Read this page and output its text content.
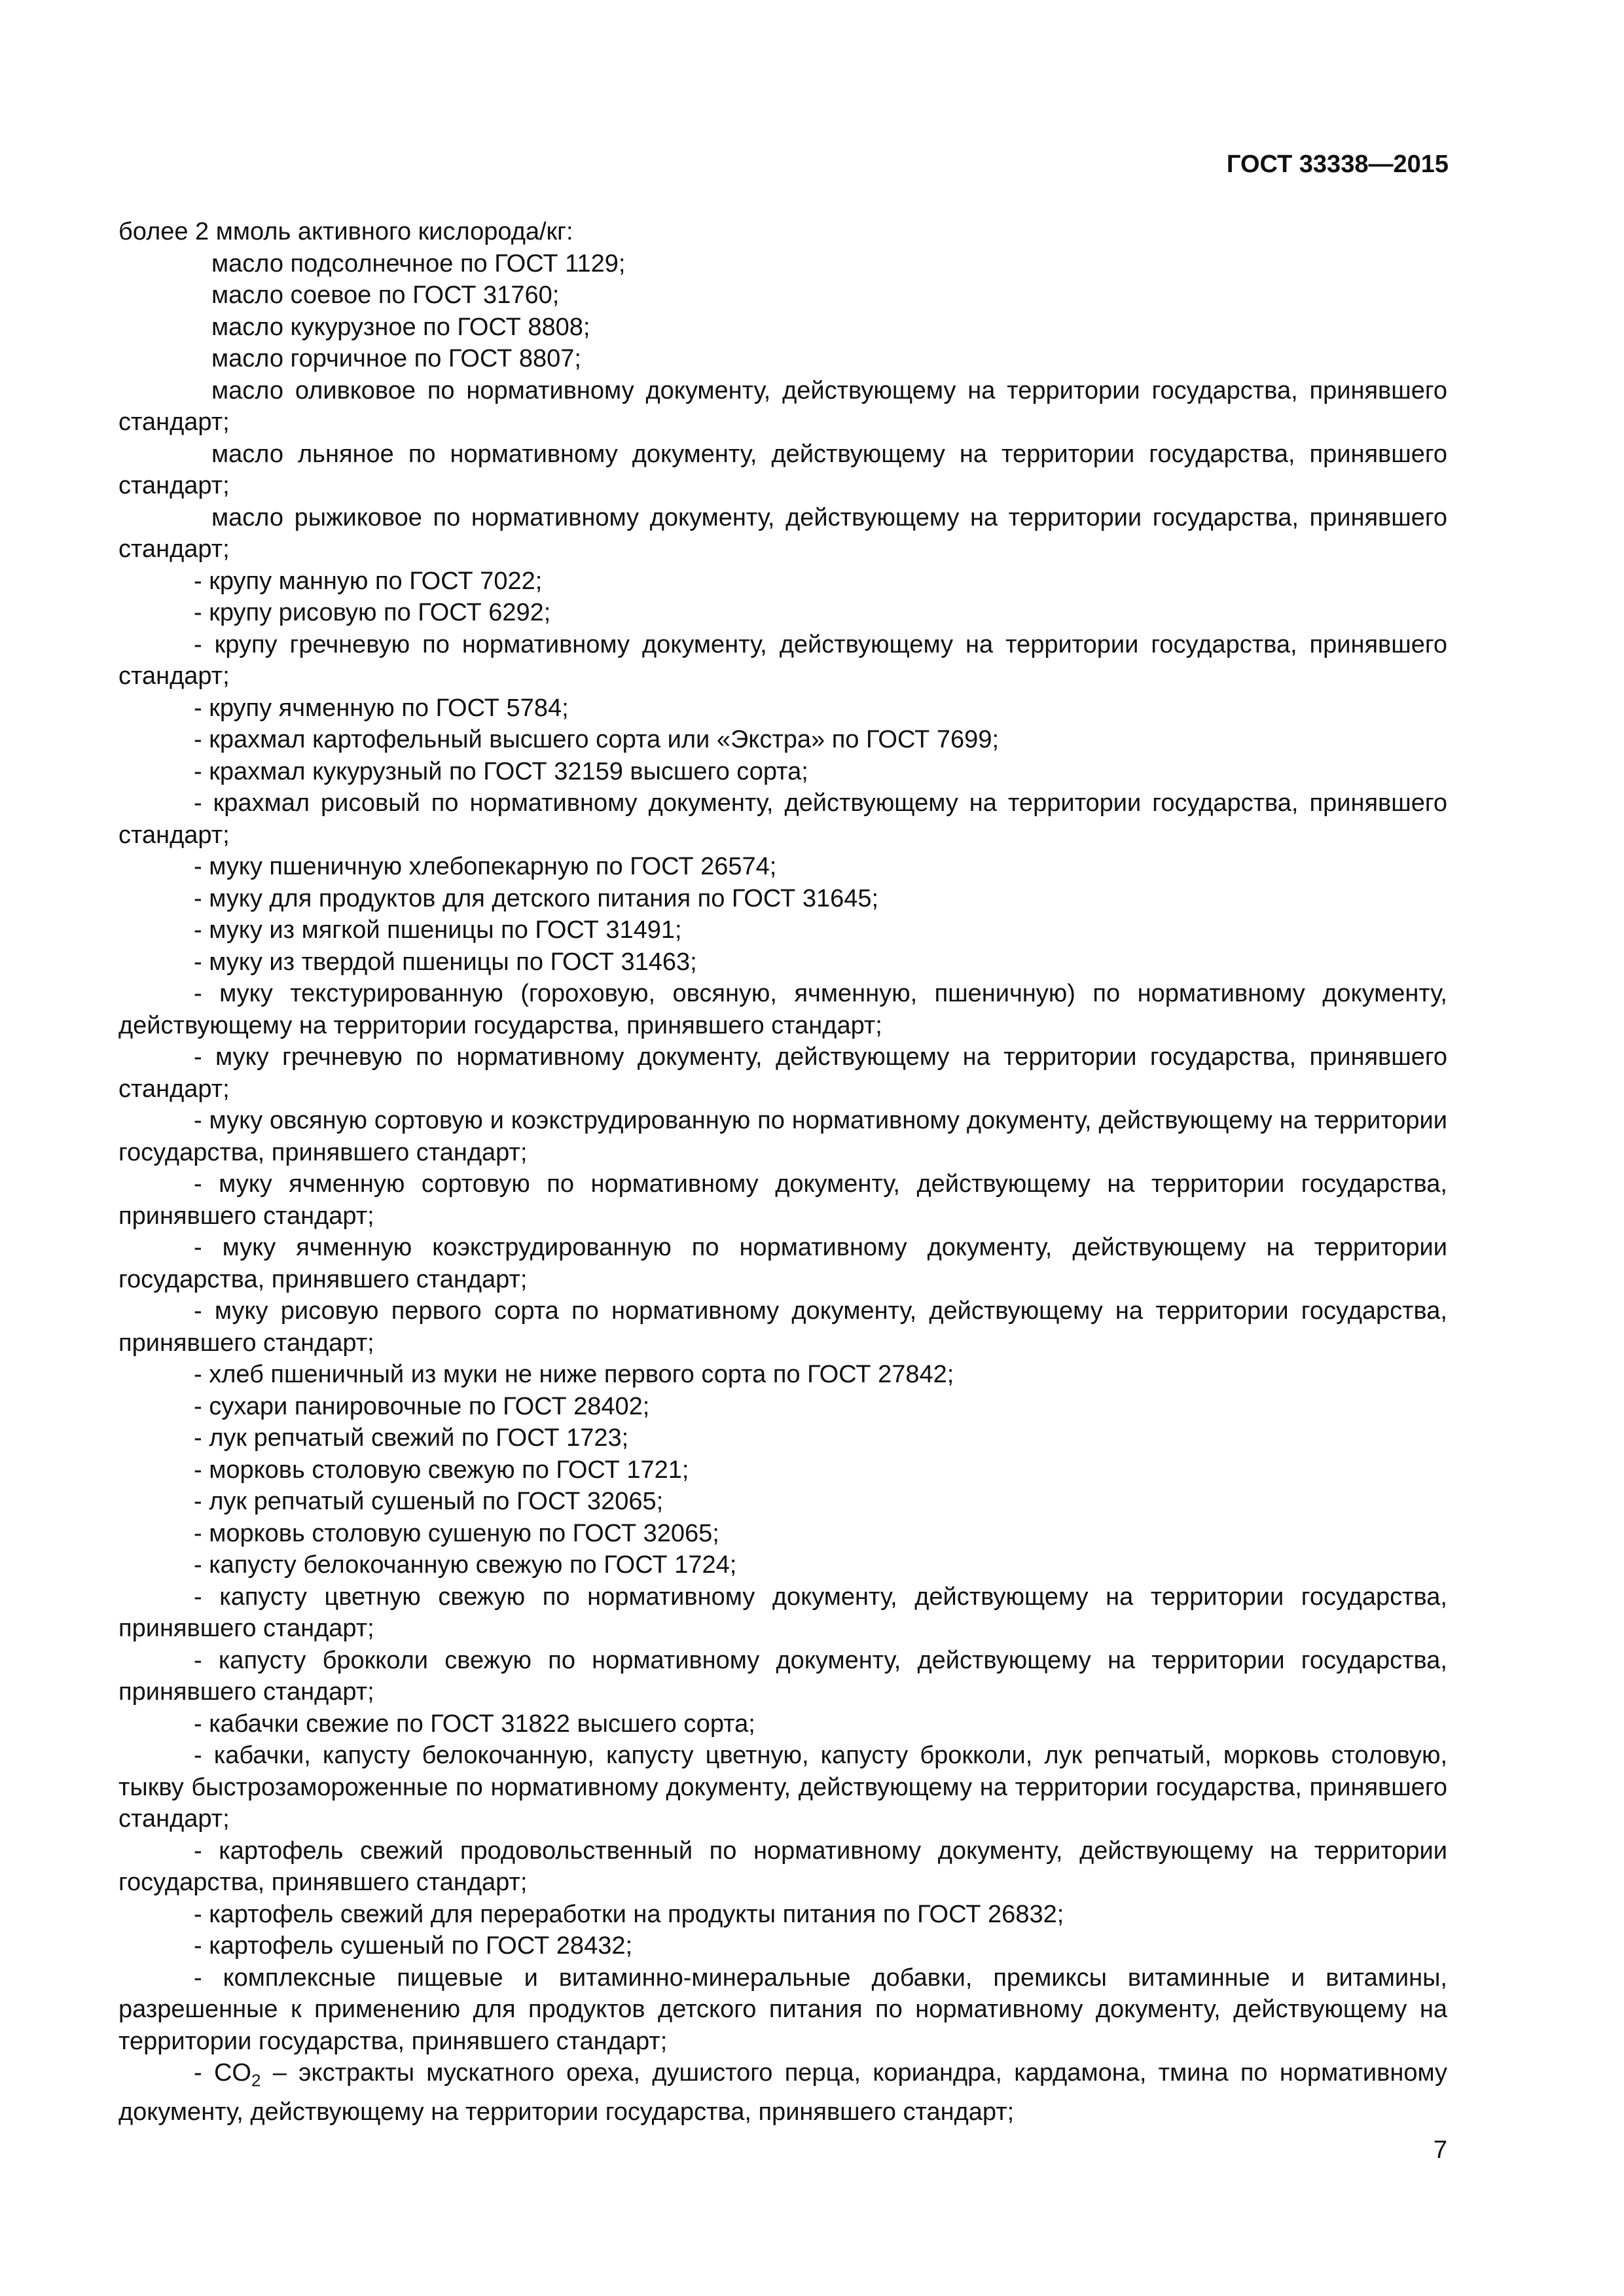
ГОСТ 33338—2015

более 2 ммоль активного кислорода/кг:

масло подсолнечное по ГОСТ 1129;

масло соевое по ГОСТ 31760;

масло кукурузное по ГОСТ 8808;

масло горчичное по ГОСТ 8807;

масло оливковое по нормативному документу, действующему на территории государства, принявшего стандарт;

масло льняное по нормативному документу, действующему на территории государства, принявшего стандарт;

масло рыжиковое по нормативному документу, действующему на территории государства, принявшего стандарт;

- крупу манную по ГОСТ 7022;

- крупу рисовую по ГОСТ 6292;

- крупу гречневую по нормативному документу, действующему на территории государства, принявшего стандарт;

- крупу ячменную по ГОСТ 5784;

- крахмал картофельный высшего сорта или «Экстра» по ГОСТ 7699;

- крахмал кукурузный по ГОСТ 32159 высшего сорта;

- крахмал рисовый по нормативному документу, действующему на территории государства, принявшего стандарт;

- муку пшеничную хлебопекарную по ГОСТ 26574;

- муку для продуктов для детского питания по ГОСТ 31645;

- муку из мягкой пшеницы по ГОСТ 31491;

- муку из твердой пшеницы по ГОСТ 31463;

- муку текстурированную (гороховую, овсяную, ячменную, пшеничную) по нормативному документу, действующему на территории государства, принявшего стандарт;

- муку гречневую по нормативному документу, действующему на территории государства, принявшего стандарт;

- муку овсяную сортовую и коэкструдированную по нормативному документу, действующему на территории государства, принявшего стандарт;

- муку ячменную сортовую по нормативному документу, действующему на территории государства, принявшего стандарт;

- муку ячменную коэкструдированную по нормативному документу, действующему на территории государства, принявшего стандарт;

- муку рисовую первого сорта по нормативному документу, действующему на территории государства, принявшего стандарт;

- хлеб пшеничный из муки не ниже первого сорта по ГОСТ 27842;

- сухари панировочные по ГОСТ 28402;

- лук репчатый свежий по ГОСТ 1723;

- морковь столовую свежую по ГОСТ 1721;

- лук репчатый сушеный по ГОСТ 32065;

- морковь столовую сушеную по ГОСТ 32065;

- капусту белокочанную свежую по ГОСТ 1724;

- капусту цветную свежую по нормативному документу, действующему на территории государства, принявшего стандарт;

- капусту брокколи свежую по нормативному документу, действующему на территории государства, принявшего стандарт;

- кабачки свежие по ГОСТ 31822 высшего сорта;

- кабачки, капусту белокочанную, капусту цветную, капусту брокколи, лук репчатый, морковь столовую, тыкву быстрозамороженные по нормативному документу, действующему на территории государства, принявшего стандарт;

- картофель свежий продовольственный по нормативному документу, действующему на территории государства, принявшего стандарт;

- картофель свежий для переработки на продукты питания по ГОСТ 26832;

- картофель сушеный по ГОСТ 28432;

- комплексные пищевые и витаминно-минеральные добавки, премиксы витаминные и витамины, разрешенные к применению для продуктов детского питания по нормативному документу, действующему на территории государства, принявшего стандарт;

- $CO_2$ – экстракты мускатного ореха, душистого перца, кориандра, кардамона, тмина по нормативному документу, действующему на территории государства, принявшего стандарт;

7
